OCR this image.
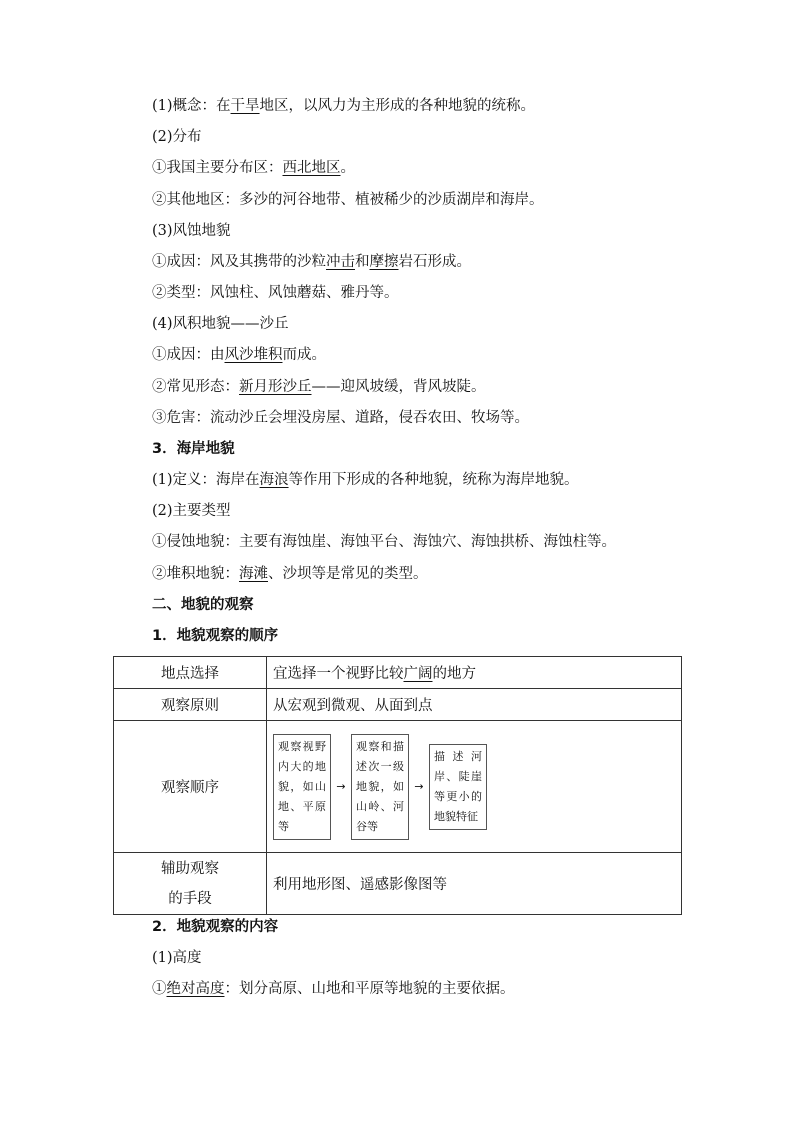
(1)概念：在干旱地区，以风力为主形成的各种地貌的统称。
(2)分布
①我国主要分布区：西北地区。
②其他地区：多沙的河谷地带、植被稀少的沙质湖岸和海岸。
(3)风蚀地貌
①成因：风及其携带的沙粒冲击和摩擦岩石形成。
②类型：风蚀柱、风蚀蘑菇、雅丹等。
(4)风积地貌——沙丘
①成因：由风沙堆积而成。
②常见形态：新月形沙丘——迎风坡缓，背风坡陡。
③危害：流动沙丘会埋没房屋、道路，侵吞农田、牧场等。
3．海岸地貌
(1)定义：海岸在海浪等作用下形成的各种地貌，统称为海岸地貌。
(2)主要类型
①侵蚀地貌：主要有海蚀崖、海蚀平台、海蚀穴、海蚀拱桥、海蚀柱等。
②堆积地貌：海滩、沙坝等是常见的类型。
二、地貌的观察
1．地貌观察的顺序
地点选择	宜选择一个视野比较广阔的地方
观察原则	从宏观到微观、从面到点
观察顺序	观察视野内大的地貌，如山地、平原等
→
观察和描述次一级地貌，如山岭、河谷等
→
描述河岸、陡崖等更小的地貌特征

辅助观察
的手段	利用地形图、遥感影像图等
2．地貌观察的内容
(1)高度
①绝对高度：划分高原、山地和平原等地貌的主要依据。
